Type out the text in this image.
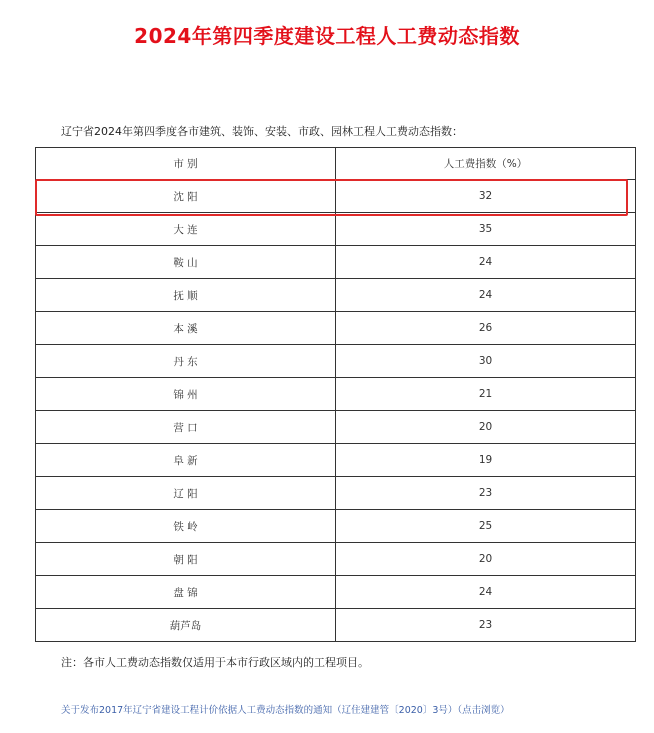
2024年第四季度建设工程人工费动态指数
辽宁省2024年第四季度各市建筑、装饰、安装、市政、园林工程人工费动态指数：
市 别	人工费指数（%）
沈 阳	32
大 连	35
鞍 山	24
抚 顺	24
本 溪	26
丹 东	30
锦 州	21
营 口	20
阜 新	19
辽 阳	23
铁 岭	25
朝 阳	20
盘 锦	24
葫芦岛	23
注：各市人工费动态指数仅适用于本市行政区域内的工程项目。
关于发布2017年辽宁省建设工程计价依据人工费动态指数的通知（辽住建建管〔2020〕3号）（点击浏览）
